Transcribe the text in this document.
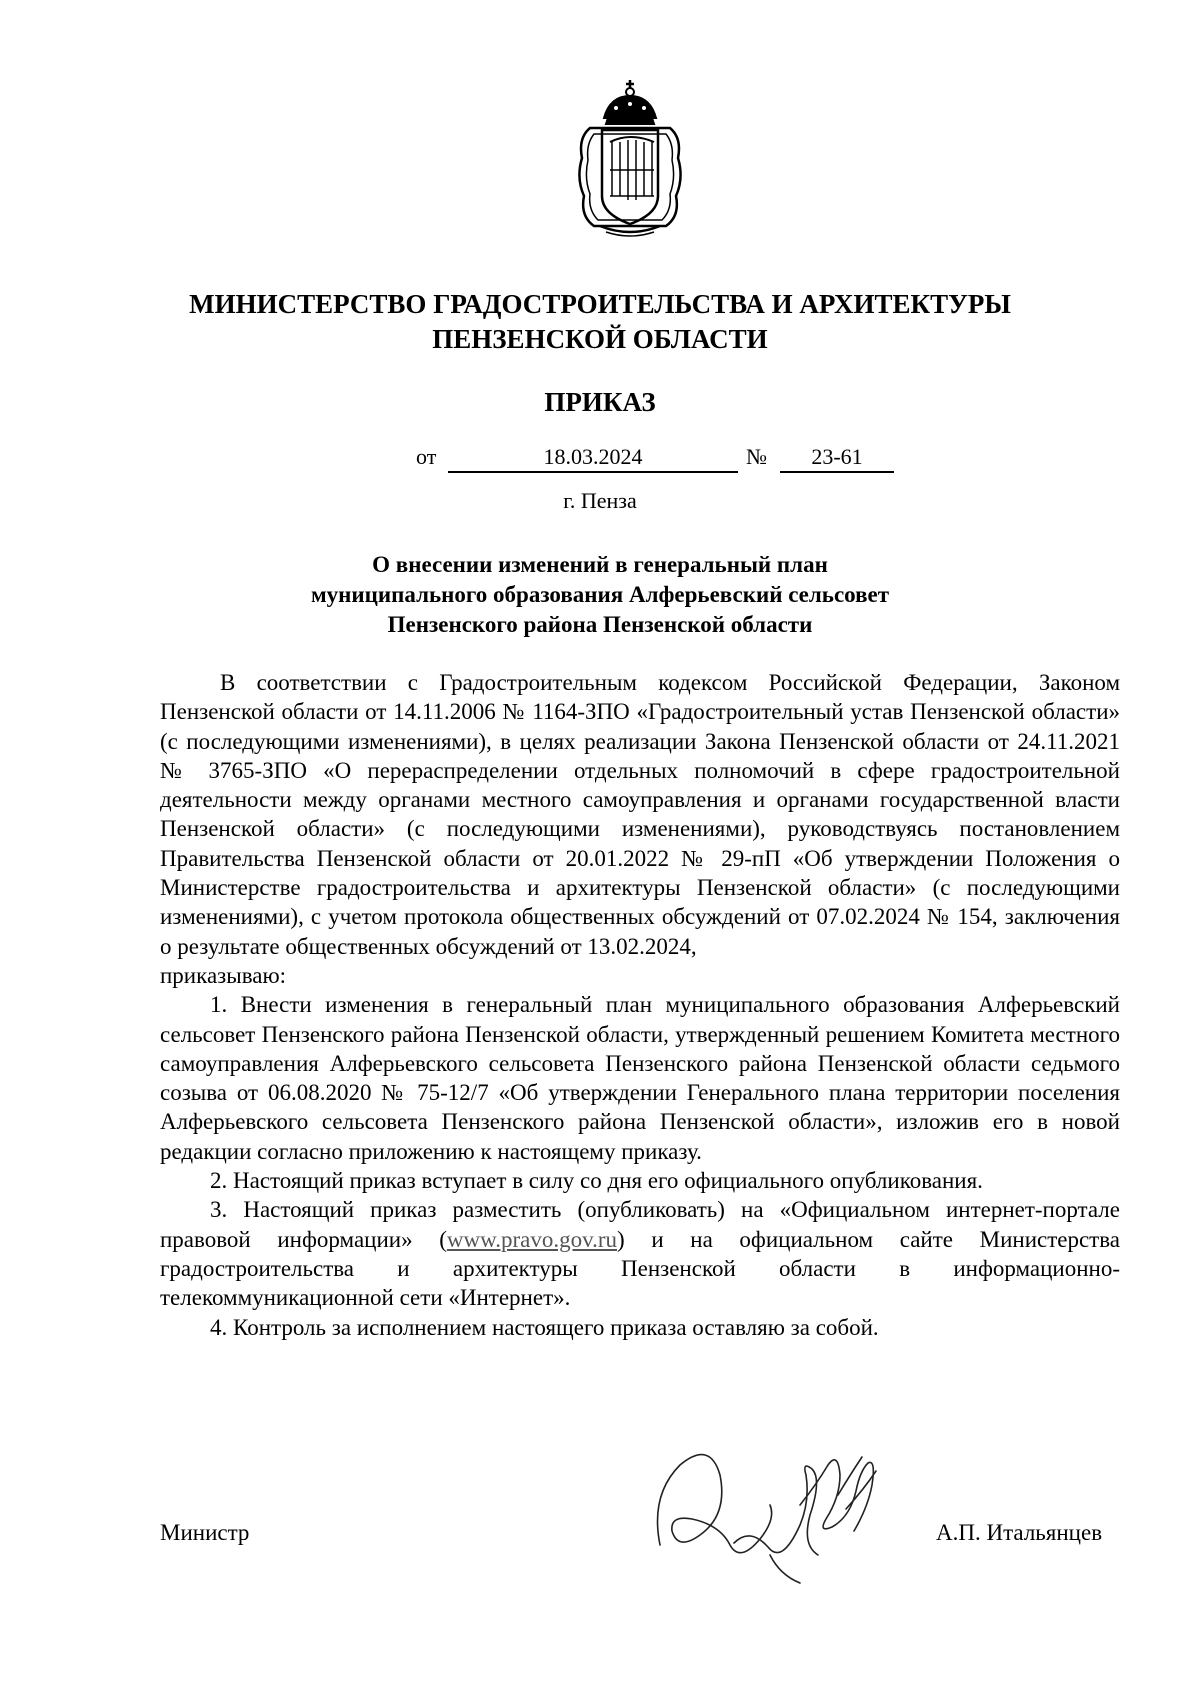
МИНИСТЕРСТВО ГРАДОСТРОИТЕЛЬСТВА И АРХИТЕКТУРЫ
ПЕНЗЕНСКОЙ ОБЛАСТИ
ПРИКАЗ
от	18.03.2024	№	23-61
г. Пенза
О внесении изменений в генеральный план
муниципального образования Алферьевский сельсовет
Пензенского района Пензенской области

В соответствии с Градостроительным кодексом Российской Федерации, Законом Пензенской области от 14.11.2006 № 1164-ЗПО «Градостроительный устав Пензенской области» (с последующими изменениями), в целях реализации Закона Пензенской области от 24.11.2021 № 3765-ЗПО «О перераспределении отдельных полномочий в сфере градостроительной деятельности между органами местного самоуправления и органами государственной власти Пензенской области» (с последующими изменениями), руководствуясь постановлением Правительства Пензенской области от 20.01.2022 № 29-пП «Об утверждении Положения о Министерстве градостроительства и архитектуры Пензенской области» (с последующими изменениями), с учетом протокола общественных обсуждений от 07.02.2024 № 154, заключения о результате общественных обсуждений от 13.02.2024,

приказываю:

1. Внести изменения в генеральный план муниципального образования Алферьевский сельсовет Пензенского района Пензенской области, утвержденный решением Комитета местного самоуправления Алферьевского сельсовета Пензенского района Пензенской области седьмого созыва от 06.08.2020 № 75-12/7 «Об утверждении Генерального плана территории поселения Алферьевского сельсовета Пензенского района Пензенской области», изложив его в новой редакции согласно приложению к настоящему приказу.

2. Настоящий приказ вступает в силу со дня его официального опубликования.

3. Настоящий приказ разместить (опубликовать) на «Официальном интернет-портале правовой информации» (www.pravo.gov.ru) и на официальном сайте Министерства градостроительства и архитектуры Пензенской области в информационно-телекоммуникационной сети «Интернет».

4. Контроль за исполнением настоящего приказа оставляю за собой.

Министр	А.П. Итальянцев
